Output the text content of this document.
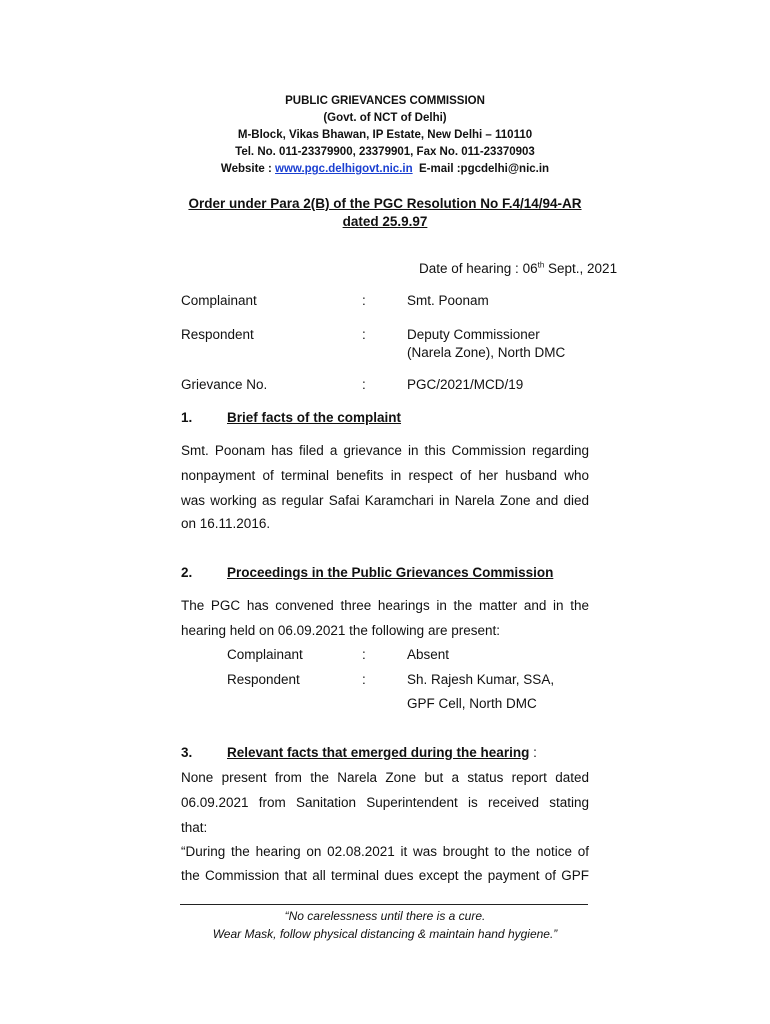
PUBLIC GRIEVANCES COMMISSION
(Govt. of NCT of Delhi)
M-Block, Vikas Bhawan, IP Estate, New Delhi – 110110
Tel. No. 011-23379900, 23379901, Fax No. 011-23370903
Website : www.pgc.delhigovt.nic.in E-mail :pgcdelhi@nic.in
Order under Para 2(B) of the PGC Resolution No F.4/14/94-AR
dated 25.9.97
Date of hearing : 06th Sept., 2021
Complainant	:	Smt. Poonam
Respondent	:	Deputy Commissioner
(Narela Zone), North DMC
Grievance No.	:	PGC/2021/MCD/19
1.	Brief facts of the complaint
Smt. Poonam has filed a grievance in this Commission regarding
nonpayment of terminal benefits in respect of her husband who
was working as regular Safai Karamchari in Narela Zone and died
on 16.11.2016.
2.	Proceedings in the Public Grievances Commission
The PGC has convened three hearings in the matter and in the
hearing held on 06.09.2021 the following are present:
Complainant	:	Absent
Respondent	:	Sh. Rajesh Kumar, SSA,
GPF Cell, North DMC
3.	Relevant facts that emerged during the hearing :
None present from the Narela Zone but a status report dated
06.09.2021 from Sanitation Superintendent is received stating
that:
“During the hearing on 02.08.2021 it was brought to the notice of
the Commission that all terminal dues except the payment of GPF
“No carelessness until there is a cure.
Wear Mask, follow physical distancing & maintain hand hygiene.”
